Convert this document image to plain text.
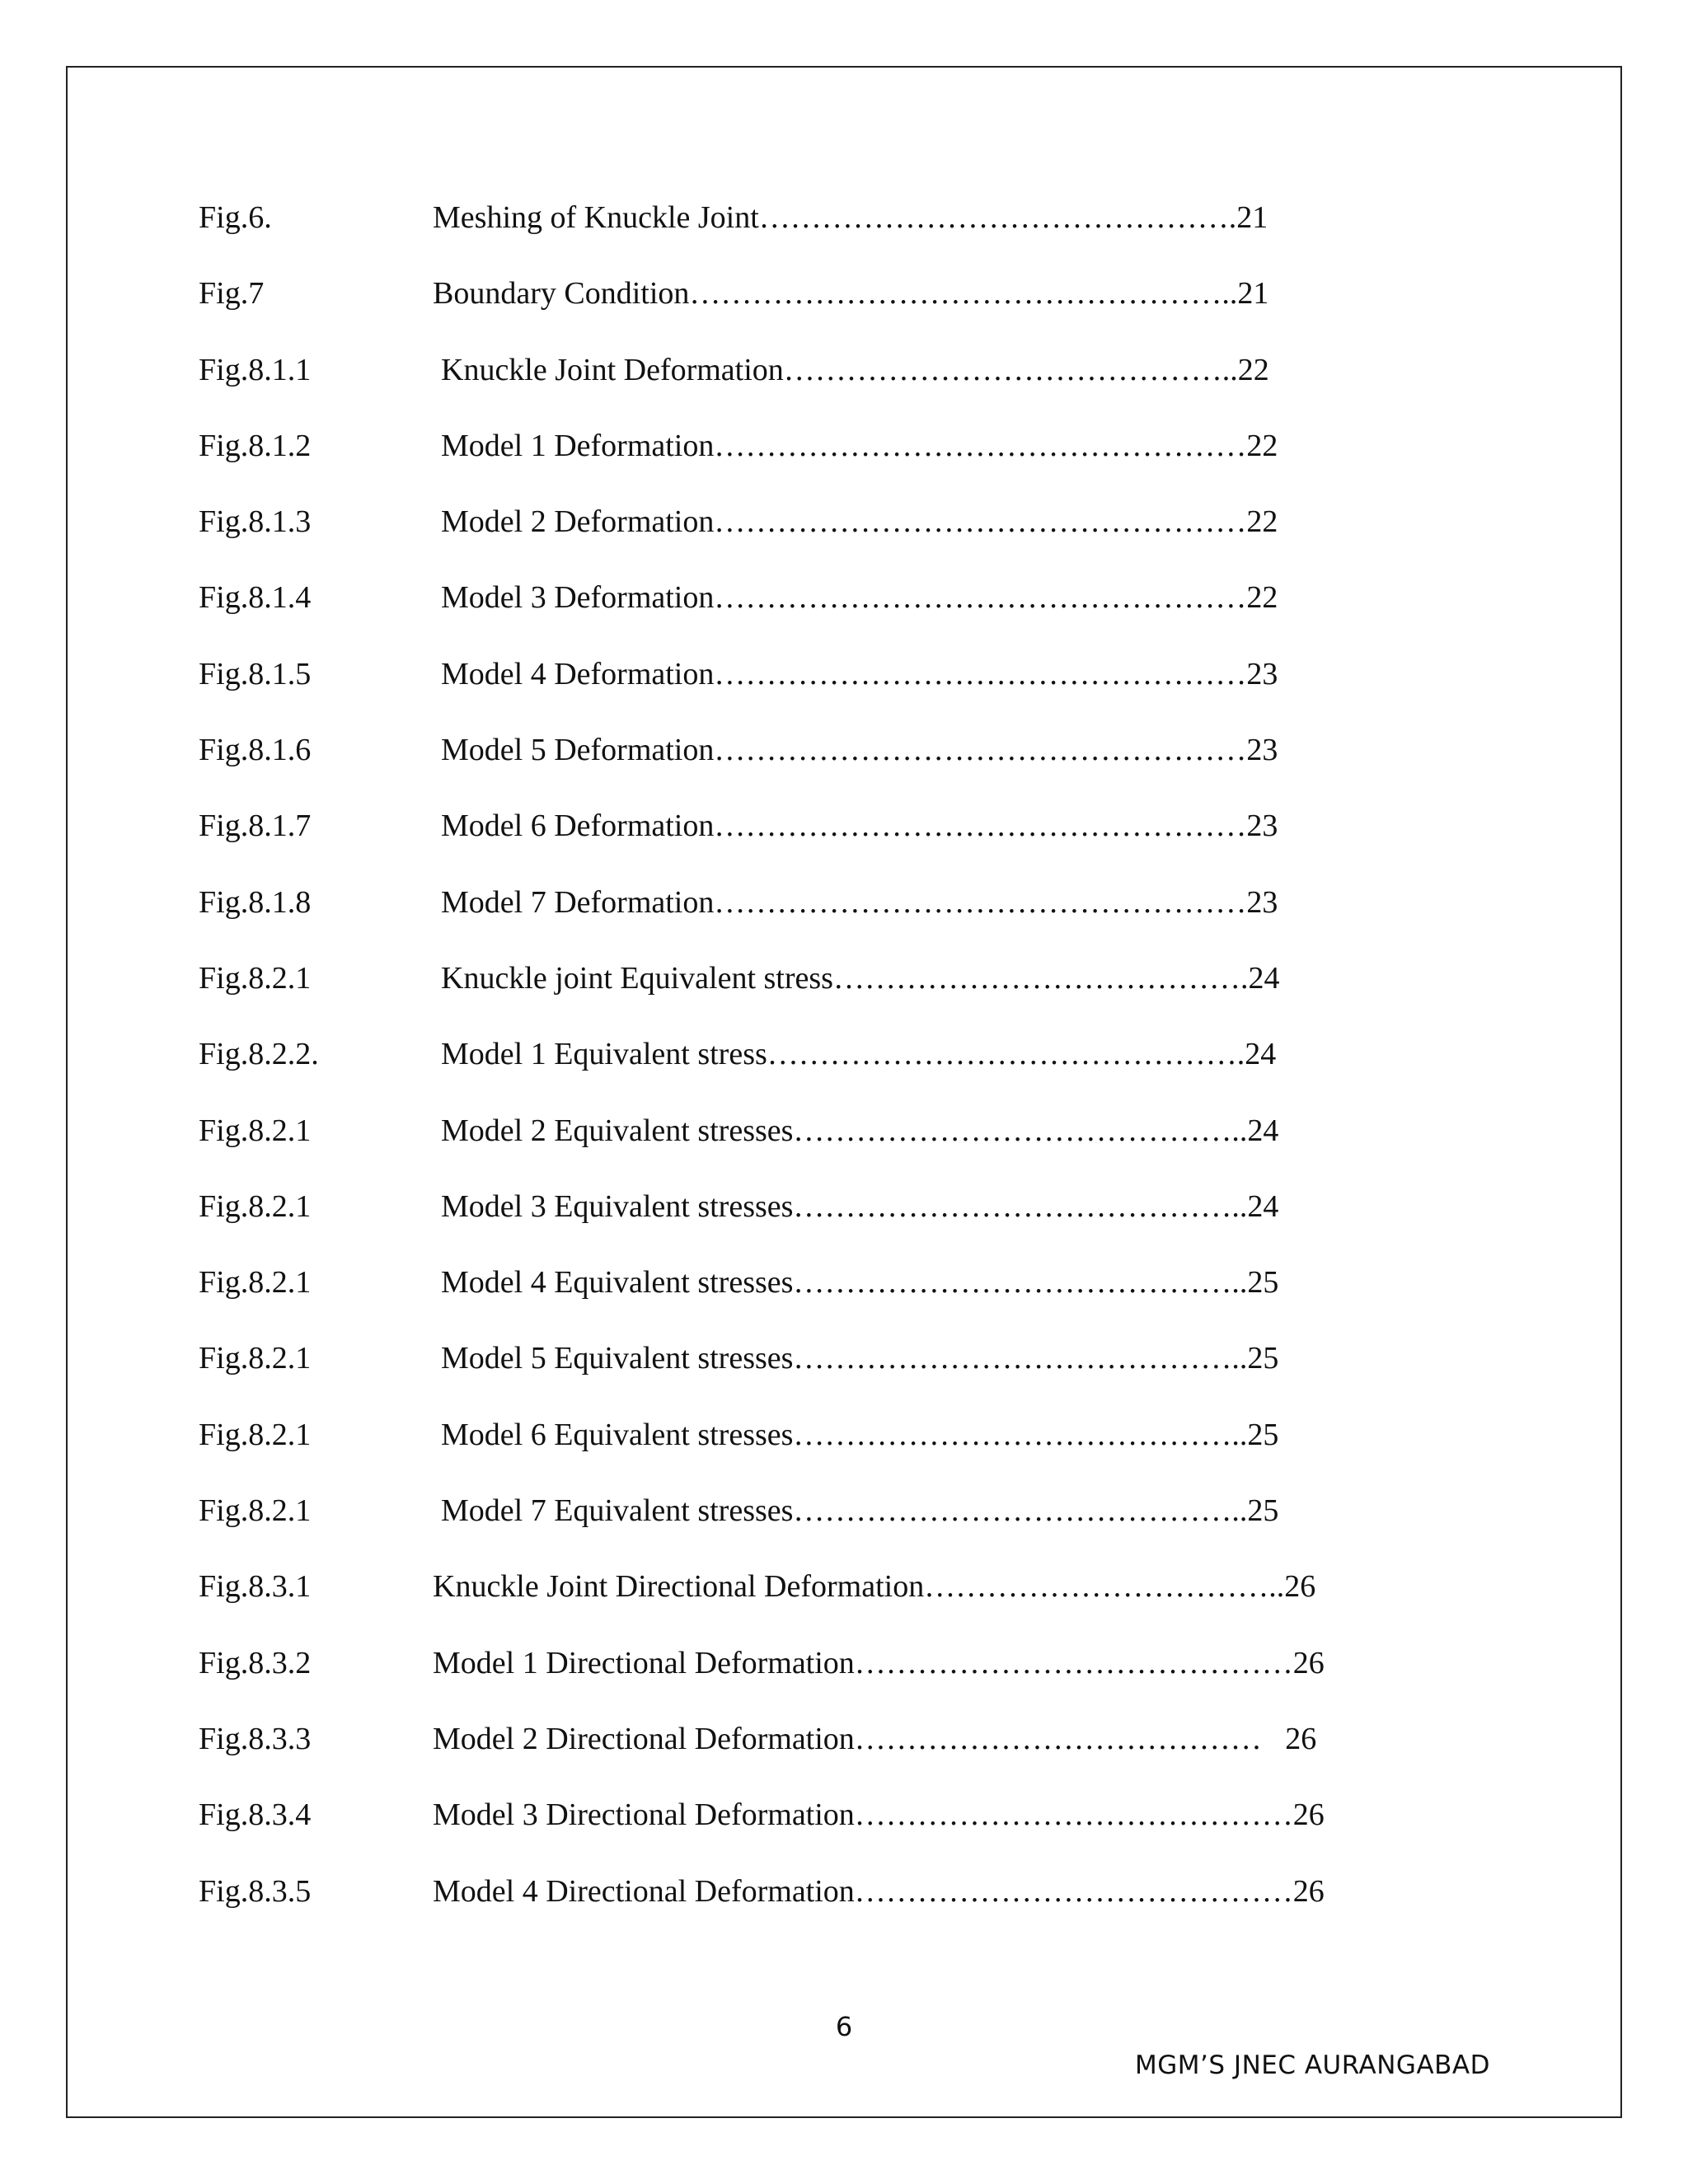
Fig.6.	Meshing of Knuckle Joint……………………………………….21
Fig.7	Boundary Condition……………………………………………..21
Fig.8.1.1	Knuckle Joint Deformation……………………………………..22
Fig.8.1.2	Model 1 Deformation……………………………………………22
Fig.8.1.3	Model 2 Deformation……………………………………………22
Fig.8.1.4	Model 3 Deformation……………………………………………22
Fig.8.1.5	Model 4 Deformation……………………………………………23
Fig.8.1.6	Model 5 Deformation……………………………………………23
Fig.8.1.7	Model 6 Deformation……………………………………………23
Fig.8.1.8	Model 7 Deformation……………………………………………23
Fig.8.2.1	Knuckle joint Equivalent stress………………………………….24
Fig.8.2.2.	Model 1 Equivalent stress……………………………………….24
Fig.8.2.1	Model 2 Equivalent stresses……………………………………..24
Fig.8.2.1	Model 3 Equivalent stresses……………………………………..24
Fig.8.2.1	Model 4 Equivalent stresses……………………………………..25
Fig.8.2.1	Model 5 Equivalent stresses……………………………………..25
Fig.8.2.1	Model 6 Equivalent stresses……………………………………..25
Fig.8.2.1	Model 7 Equivalent stresses……………………………………..25
Fig.8.3.1	Knuckle Joint Directional Deformation……………………………..26
Fig.8.3.2	Model 1 Directional Deformation……………………………………26
Fig.8.3.3	Model 2 Directional Deformation…………………………………   26
Fig.8.3.4	Model 3 Directional Deformation……………………………………26
Fig.8.3.5	Model 4 Directional Deformation……………………………………26
6
MGM’S JNEC AURANGABAD
